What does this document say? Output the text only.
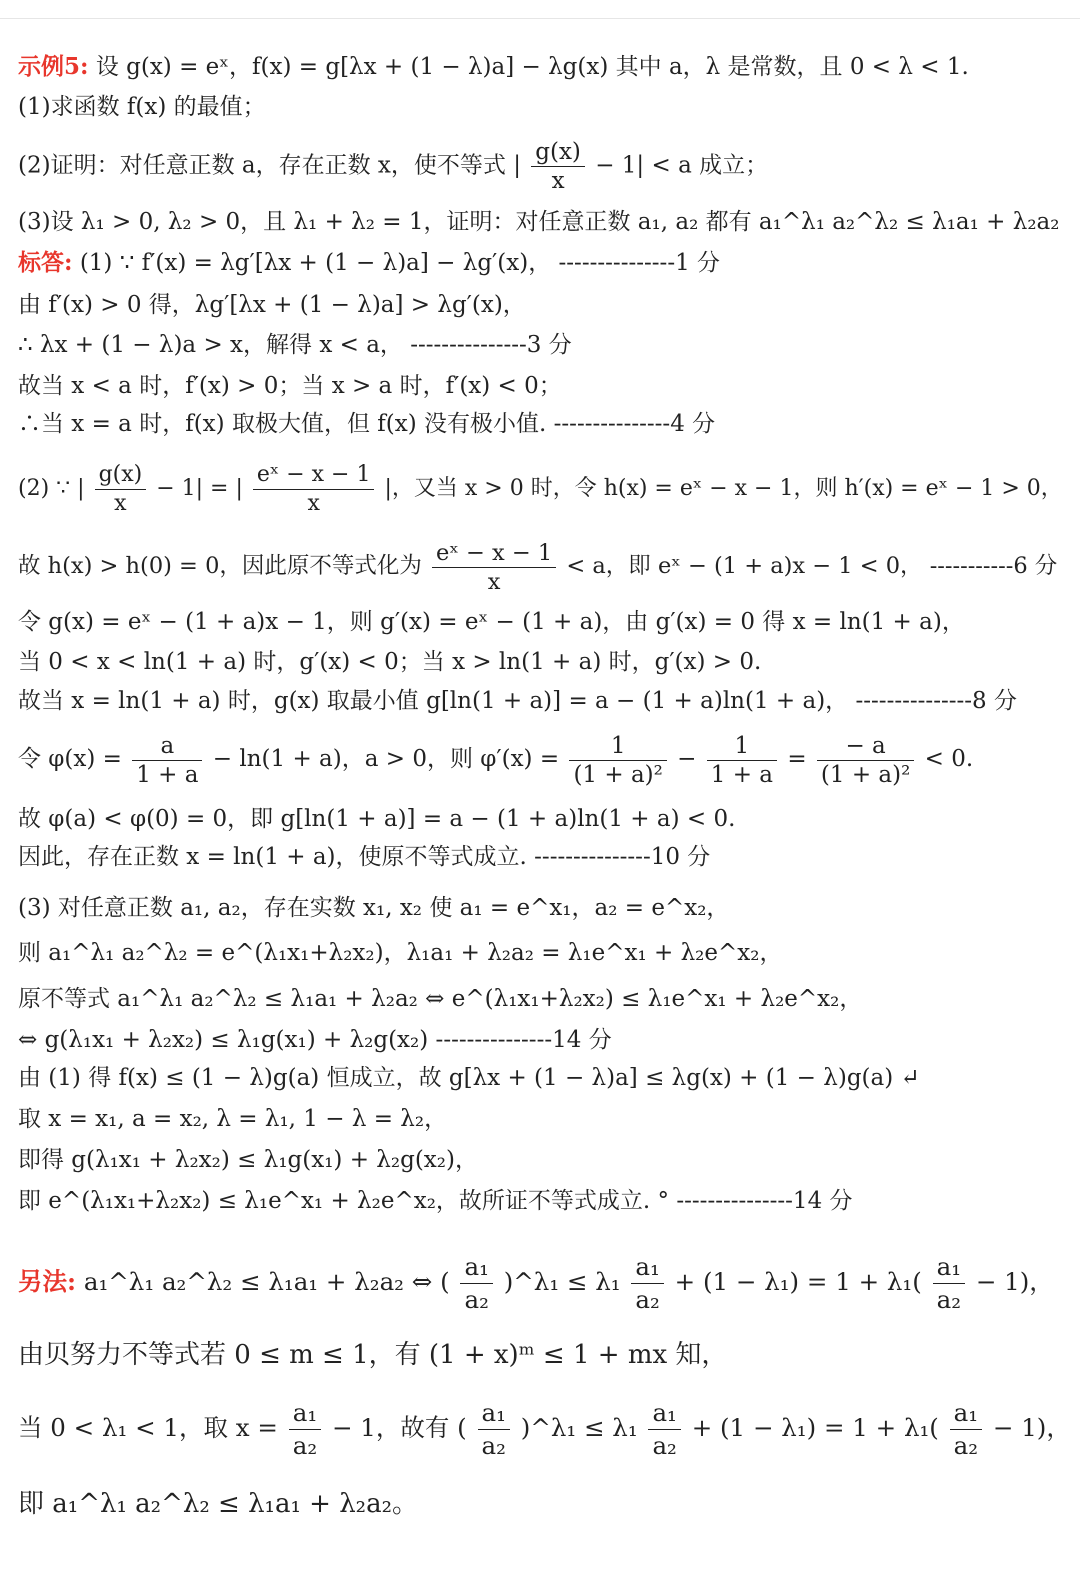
示例5: 设 g(x) = eˣ，f(x) = g[λx + (1 − λ)a] − λg(x) 其中 a，λ 是常数，且 0 < λ < 1.
(1)求函数 f(x) 的最值；
(2)证明：对任意正数 a，存在正数 x，使不等式 | $\frac{g(x)}{x} - 1| < a$ 成立；
(3)设 λ₁ > 0, λ₂ > 0，且 λ₁ + λ₂ = 1，证明：对任意正数 a₁, a₂ 都有 a₁^λ₁ a₂^λ₂ ≤ λ₁a₁ + λ₂a₂
标答: (1) ∵ f′(x) = λg′[λx + (1 − λ)a] − λg′(x)， ---------------1 分
由 f′(x) > 0 得，λg′[λx + (1 − λ)a] > λg′(x)，
∴ λx + (1 − λ)a > x，解得 x < a， ---------------3 分
故当 x < a 时，f′(x) > 0；当 x > a 时，f′(x) < 0；
∴当 x = a 时，f(x) 取极大值，但 f(x) 没有极小值. ---------------4 分
(2) ∵ | $\frac{g(x)}{x} - 1|$ = | $\frac{\text{eˣ − x − 1}}{x}$ |，又当 x > 0 时，令 h(x) = eˣ − x − 1，则 h′(x) = eˣ − 1 > 0，
故 h(x) > h(0) = 0，因此原不等式化为 $\frac{\text{eˣ − x − 1}}{x} < a$，即 eˣ − (1 + a)x − 1 < 0， -----------6 分
令 g(x) = eˣ − (1 + a)x − 1，则 g′(x) = eˣ − (1 + a)，由 g′(x) = 0 得 x = ln(1 + a)，
当 0 < x < ln(1 + a) 时，g′(x) < 0；当 x > ln(1 + a) 时，g′(x) > 0.
故当 x = ln(1 + a) 时，g(x) 取最小值 g[ln(1 + a)] = a − (1 + a)ln(1 + a)， ---------------8 分
令 $\varphi(x) = \frac{a}{1 + a} - \ln(1 + a)$，a > 0，则 $\varphi'(x) = \frac{1}{\text{(1 + a)²}} - \frac{1}{1 + a} = \frac{- a}{\text{(1 + a)²}} < 0$.
故 φ(a) < φ(0) = 0，即 g[ln(1 + a)] = a − (1 + a)ln(1 + a) < 0.
因此，存在正数 x = ln(1 + a)，使原不等式成立. ---------------10 分
(3) 对任意正数 a₁, a₂，存在实数 x₁, x₂ 使 a₁ = e^x₁，a₂ = e^x₂，
则 a₁^λ₁ a₂^λ₂ = e^(λ₁x₁+λ₂x₂)，λ₁a₁ + λ₂a₂ = λ₁e^x₁ + λ₂e^x₂，
原不等式 a₁^λ₁ a₂^λ₂ ≤ λ₁a₁ + λ₂a₂ ⇔ e^(λ₁x₁+λ₂x₂) ≤ λ₁e^x₁ + λ₂e^x₂，
⇔ g(λ₁x₁ + λ₂x₂) ≤ λ₁g(x₁) + λ₂g(x₂) ---------------14 分
由 (1) 得 f(x) ≤ (1 − λ)g(a) 恒成立，故 g[λx + (1 − λ)a] ≤ λg(x) + (1 − λ)g(a) ↵
取 x = x₁, a = x₂, λ = λ₁, 1 − λ = λ₂，
即得 g(λ₁x₁ + λ₂x₂) ≤ λ₁g(x₁) + λ₂g(x₂)，
即 e^(λ₁x₁+λ₂x₂) ≤ λ₁e^x₁ + λ₂e^x₂，故所证不等式成立. ° ---------------14 分
另法: a₁^λ₁ a₂^λ₂ ≤ λ₁a₁ + λ₂a₂ ⇔ ( $\frac{\text{a₁}}{\text{a₂}}$ )^λ₁ ≤ $\lambda_1 \frac{\text{a₁}}{\text{a₂}} + (1 - \lambda_1) = 1 + \lambda_1( \frac{\text{a₁}}{\text{a₂}} - 1)$，
由贝努力不等式若 0 ≤ m ≤ 1，有 (1 + x)ᵐ ≤ 1 + mx 知，
当 0 < λ₁ < 1，取 $x = \frac{\text{a₁}}{\text{a₂}} - 1$，故有 ( $\frac{\text{a₁}}{\text{a₂}}$ )^λ₁ ≤ $\lambda_1 \frac{\text{a₁}}{\text{a₂}} + (1 - \lambda_1) = 1 + \lambda_1( \frac{\text{a₁}}{\text{a₂}} - 1)$，
即 a₁^λ₁ a₂^λ₂ ≤ λ₁a₁ + λ₂a₂。
